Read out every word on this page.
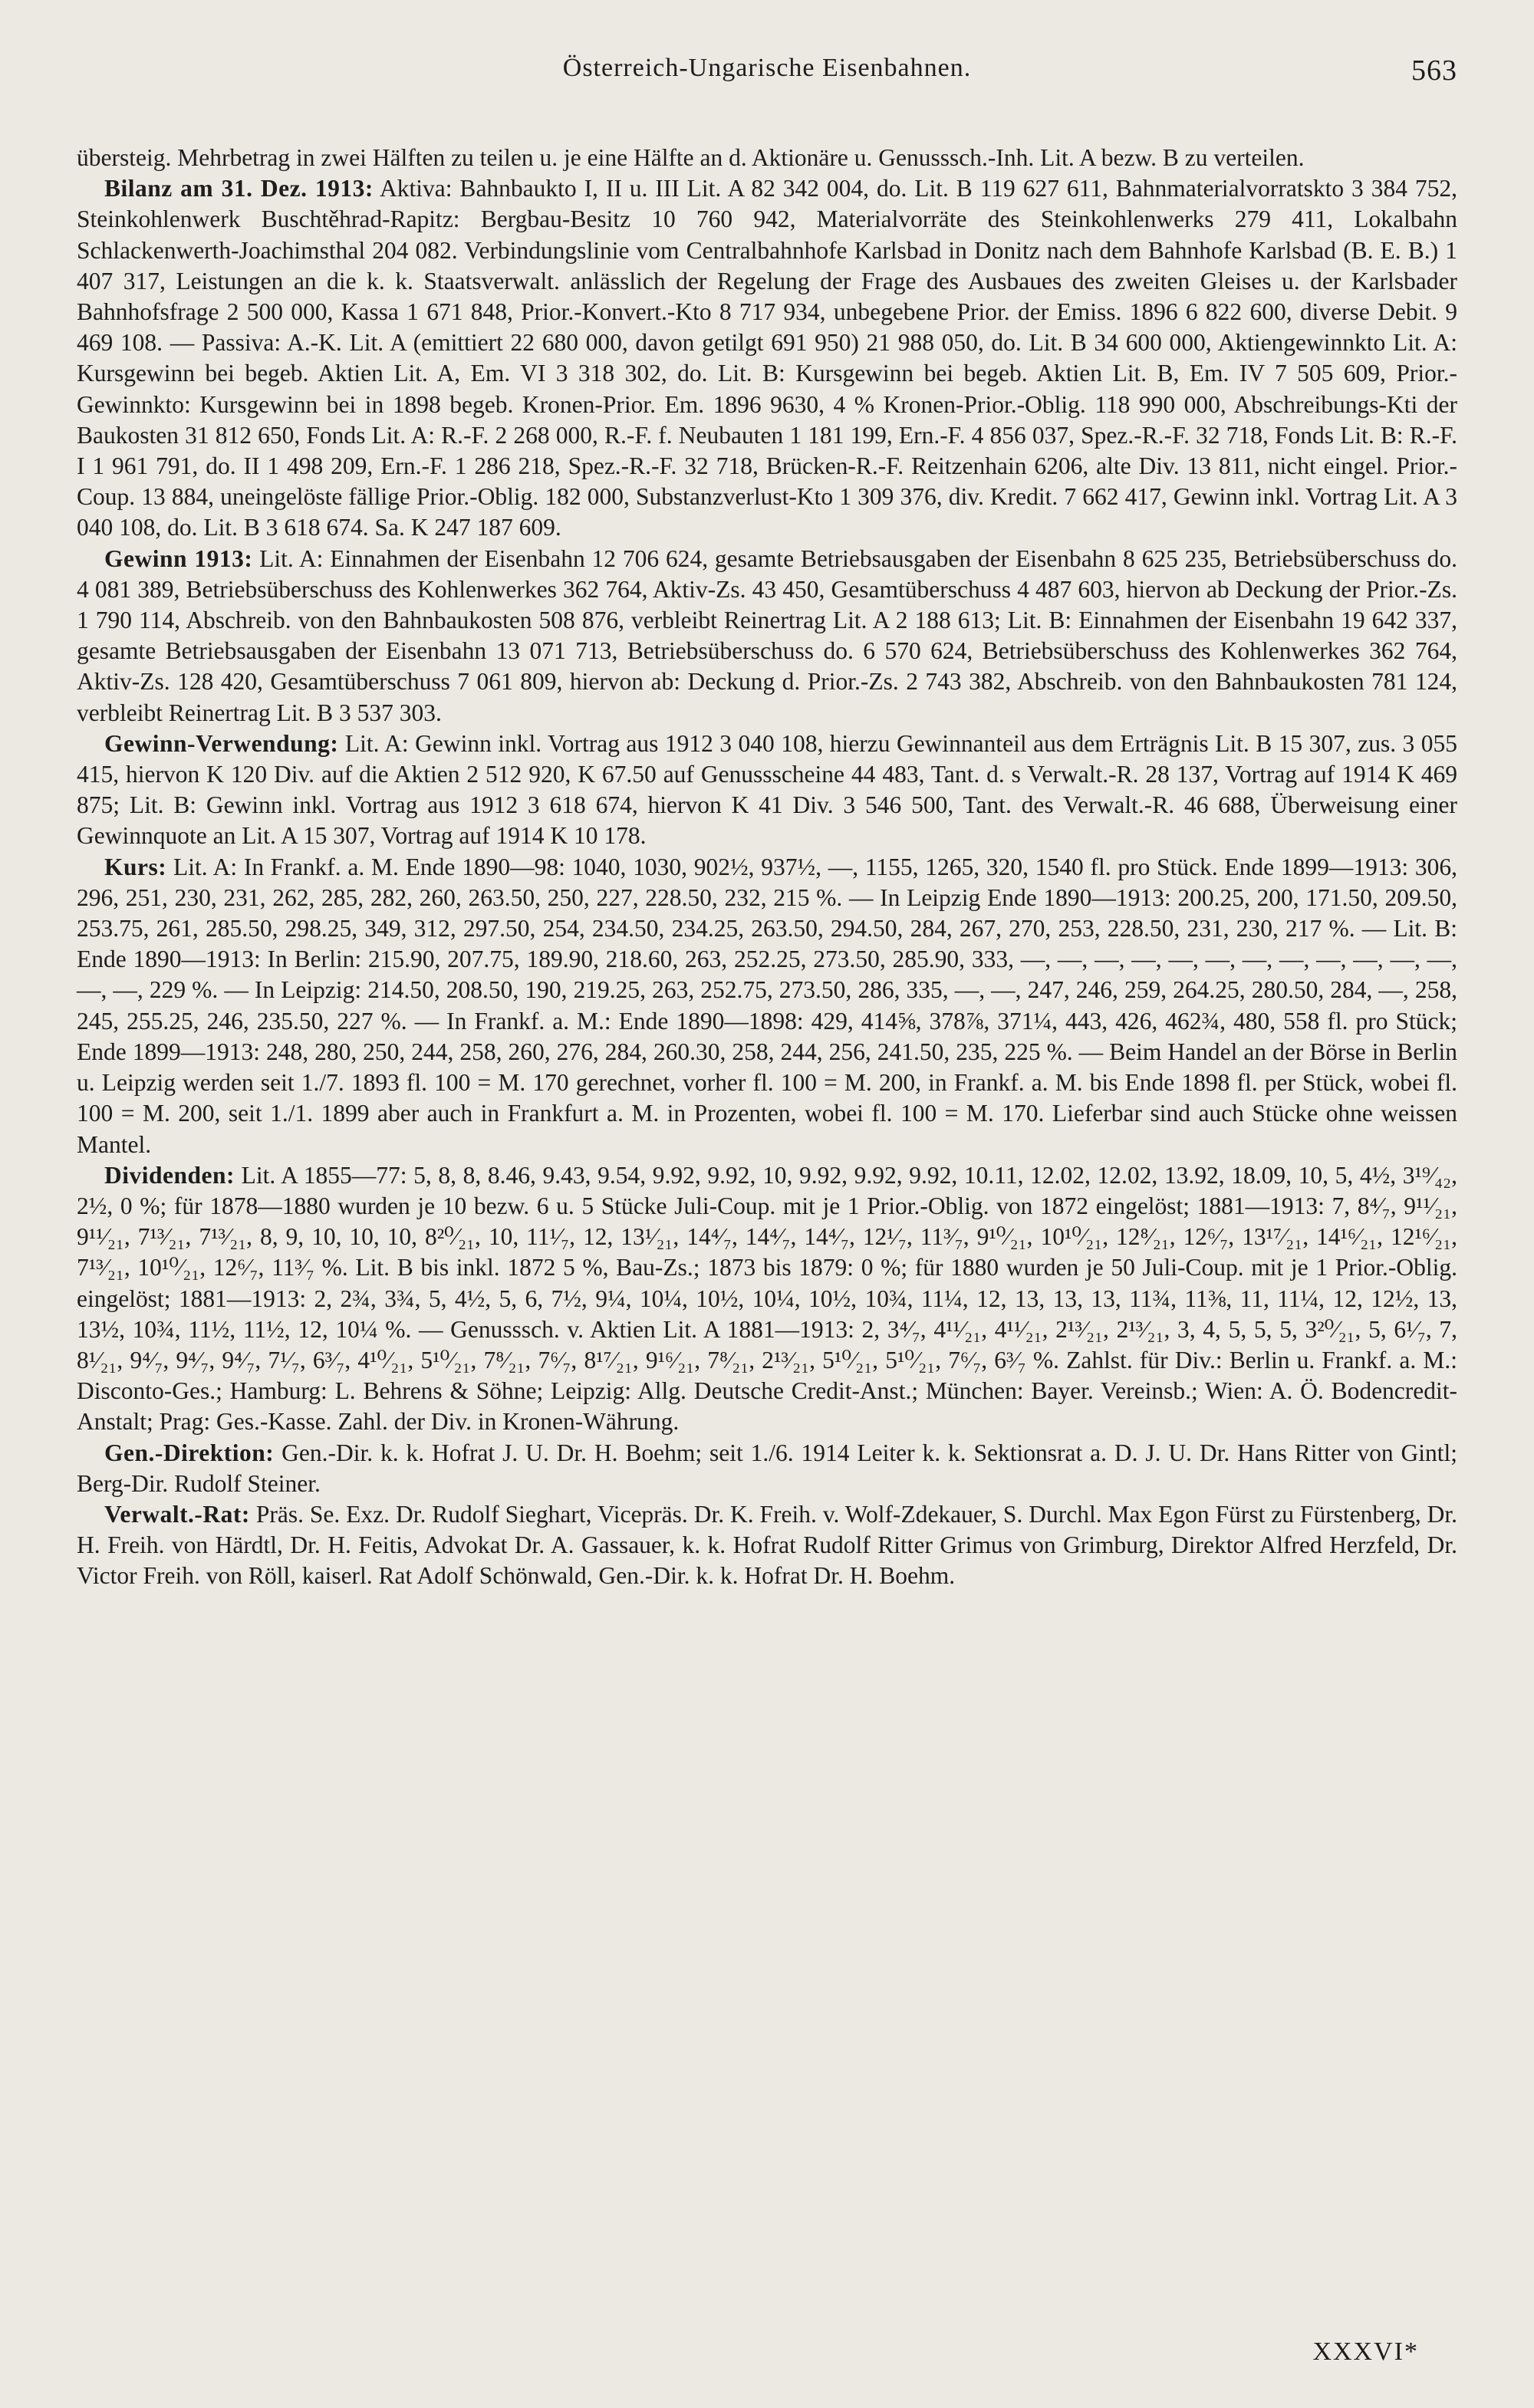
Österreich-Ungarische Eisenbahnen.	563

übersteig. Mehrbetrag in zwei Hälften zu teilen u. je eine Hälfte an d. Aktionäre u. Genusssch.-Inh. Lit. A bezw. B zu verteilen.

Bilanz am 31. Dez. 1913: Aktiva: Bahnbaukto I, II u. III Lit. A 82 342 004, do. Lit. B 119 627 611, Bahnmaterialvorratskto 3 384 752, Steinkohlenwerk Buschtěhrad-Rapitz: Bergbau-Besitz 10 760 942, Materialvorräte des Steinkohlenwerks 279 411, Lokalbahn Schlackenwerth-Joachimsthal 204 082. Verbindungslinie vom Centralbahnhofe Karlsbad in Donitz nach dem Bahnhofe Karlsbad (B. E. B.) 1 407 317, Leistungen an die k. k. Staatsverwalt. anlässlich der Regelung der Frage des Ausbaues des zweiten Gleises u. der Karlsbader Bahnhofsfrage 2 500 000, Kassa 1 671 848, Prior.-Konvert.-Kto 8 717 934, unbegebene Prior. der Emiss. 1896 6 822 600, diverse Debit. 9 469 108. — Passiva: A.-K. Lit. A (emittiert 22 680 000, davon getilgt 691 950) 21 988 050, do. Lit. B 34 600 000, Aktiengewinnkto Lit. A: Kursgewinn bei begeb. Aktien Lit. A, Em. VI 3 318 302, do. Lit. B: Kursgewinn bei begeb. Aktien Lit. B, Em. IV 7 505 609, Prior.-Gewinnkto: Kursgewinn bei in 1898 begeb. Kronen-Prior. Em. 1896 9630, 4 % Kronen-Prior.-Oblig. 118 990 000, Abschreibungs-Kti der Baukosten 31 812 650, Fonds Lit. A: R.-F. 2 268 000, R.-F. f. Neubauten 1 181 199, Ern.-F. 4 856 037, Spez.-R.-F. 32 718, Fonds Lit. B: R.-F. I 1 961 791, do. II 1 498 209, Ern.-F. 1 286 218, Spez.-R.-F. 32 718, Brücken-R.-F. Reitzenhain 6206, alte Div. 13 811, nicht eingel. Prior.-Coup. 13 884, uneingelöste fällige Prior.-Oblig. 182 000, Substanzverlust-Kto 1 309 376, div. Kredit. 7 662 417, Gewinn inkl. Vortrag Lit. A 3 040 108, do. Lit. B 3 618 674. Sa. K 247 187 609.

Gewinn 1913: Lit. A: Einnahmen der Eisenbahn 12 706 624, gesamte Betriebsausgaben der Eisenbahn 8 625 235, Betriebsüberschuss do. 4 081 389, Betriebsüberschuss des Kohlenwerkes 362 764, Aktiv-Zs. 43 450, Gesamtüberschuss 4 487 603, hiervon ab Deckung der Prior.-Zs. 1 790 114, Abschreib. von den Bahnbaukosten 508 876, verbleibt Reinertrag Lit. A 2 188 613; Lit. B: Einnahmen der Eisenbahn 19 642 337, gesamte Betriebsausgaben der Eisenbahn 13 071 713, Betriebsüberschuss do. 6 570 624, Betriebsüberschuss des Kohlenwerkes 362 764, Aktiv-Zs. 128 420, Gesamtüberschuss 7 061 809, hiervon ab: Deckung d. Prior.-Zs. 2 743 382, Abschreib. von den Bahnbaukosten 781 124, verbleibt Reinertrag Lit. B 3 537 303.

Gewinn-Verwendung: Lit. A: Gewinn inkl. Vortrag aus 1912 3 040 108, hierzu Gewinnanteil aus dem Erträgnis Lit. B 15 307, zus. 3 055 415, hiervon K 120 Div. auf die Aktien 2 512 920, K 67.50 auf Genussscheine 44 483, Tant. d. s Verwalt.-R. 28 137, Vortrag auf 1914 K 469 875; Lit. B: Gewinn inkl. Vortrag aus 1912 3 618 674, hiervon K 41 Div. 3 546 500, Tant. des Verwalt.-R. 46 688, Überweisung einer Gewinnquote an Lit. A 15 307, Vortrag auf 1914 K 10 178.

Kurs: Lit. A: In Frankf. a. M. Ende 1890—98: 1040, 1030, 902½, 937½, —, 1155, 1265, 320, 1540 fl. pro Stück. Ende 1899—1913: 306, 296, 251, 230, 231, 262, 285, 282, 260, 263.50, 250, 227, 228.50, 232, 215 %. — In Leipzig Ende 1890—1913: 200.25, 200, 171.50, 209.50, 253.75, 261, 285.50, 298.25, 349, 312, 297.50, 254, 234.50, 234.25, 263.50, 294.50, 284, 267, 270, 253, 228.50, 231, 230, 217 %. — Lit. B: Ende 1890—1913: In Berlin: 215.90, 207.75, 189.90, 218.60, 263, 252.25, 273.50, 285.90, 333, —, —, —, —, —, —, —, —, —, —, —, —, —, —, 229 %. — In Leipzig: 214.50, 208.50, 190, 219.25, 263, 252.75, 273.50, 286, 335, —, —, 247, 246, 259, 264.25, 280.50, 284, —, 258, 245, 255.25, 246, 235.50, 227 %. — In Frankf. a. M.: Ende 1890—1898: 429, 414⅝, 378⅞, 371¼, 443, 426, 462¾, 480, 558 fl. pro Stück; Ende 1899—1913: 248, 280, 250, 244, 258, 260, 276, 284, 260.30, 258, 244, 256, 241.50, 235, 225 %. — Beim Handel an der Börse in Berlin u. Leipzig werden seit 1./7. 1893 fl. 100 = M. 170 gerechnet, vorher fl. 100 = M. 200, in Frankf. a. M. bis Ende 1898 fl. per Stück, wobei fl. 100 = M. 200, seit 1./1. 1899 aber auch in Frankfurt a. M. in Prozenten, wobei fl. 100 = M. 170. Lieferbar sind auch Stücke ohne weissen Mantel.

Dividenden: Lit. A 1855—77: 5, 8, 8, 8.46, 9.43, 9.54, 9.92, 9.92, 10, 9.92, 9.92, 9.92, 10.11, 12.02, 12.02, 13.92, 18.09, 10, 5, 4½, 3¹⁹⁄₄₂, 2½, 0 %; für 1878—1880 wurden je 10 bezw. 6 u. 5 Stücke Juli-Coup. mit je 1 Prior.-Oblig. von 1872 eingelöst; 1881—1913: 7, 8⁴⁄₇, 9¹¹⁄₂₁, 9¹¹⁄₂₁, 7¹³⁄₂₁, 7¹³⁄₂₁, 8, 9, 10, 10, 10, 8²⁰⁄₂₁, 10, 11¹⁄₇, 12, 13¹⁄₂₁, 14⁴⁄₇, 14⁴⁄₇, 14⁴⁄₇, 12¹⁄₇, 11³⁄₇, 9¹⁰⁄₂₁, 10¹⁰⁄₂₁, 12⁸⁄₂₁, 12⁶⁄₇, 13¹⁷⁄₂₁, 14¹⁶⁄₂₁, 12¹⁶⁄₂₁, 7¹³⁄₂₁, 10¹⁰⁄₂₁, 12⁶⁄₇, 11³⁄₇ %. Lit. B bis inkl. 1872 5 %, Bau-Zs.; 1873 bis 1879: 0 %; für 1880 wurden je 50 Juli-Coup. mit je 1 Prior.-Oblig. eingelöst; 1881—1913: 2, 2¾, 3¾, 5, 4½, 5, 6, 7½, 9¼, 10¼, 10½, 10¼, 10½, 10¾, 11¼, 12, 13, 13, 13, 11¾, 11⅜, 11, 11¼, 12, 12½, 13, 13½, 10¾, 11½, 11½, 12, 10¼ %. — Genusssch. v. Aktien Lit. A 1881—1913: 2, 3⁴⁄₇, 4¹¹⁄₂₁, 4¹¹⁄₂₁, 2¹³⁄₂₁, 2¹³⁄₂₁, 3, 4, 5, 5, 5, 3²⁰⁄₂₁, 5, 6¹⁄₇, 7, 8¹⁄₂₁, 9⁴⁄₇, 9⁴⁄₇, 9⁴⁄₇, 7¹⁄₇, 6³⁄₇, 4¹⁰⁄₂₁, 5¹⁰⁄₂₁, 7⁸⁄₂₁, 7⁶⁄₇, 8¹⁷⁄₂₁, 9¹⁶⁄₂₁, 7⁸⁄₂₁, 2¹³⁄₂₁, 5¹⁰⁄₂₁, 5¹⁰⁄₂₁, 7⁶⁄₇, 6³⁄₇ %. Zahlst. für Div.: Berlin u. Frankf. a. M.: Disconto-Ges.; Hamburg: L. Behrens & Söhne; Leipzig: Allg. Deutsche Credit-Anst.; München: Bayer. Vereinsb.; Wien: A. Ö. Bodencredit-Anstalt; Prag: Ges.-Kasse. Zahl. der Div. in Kronen-Währung.

Gen.-Direktion: Gen.-Dir. k. k. Hofrat J. U. Dr. H. Boehm; seit 1./6. 1914 Leiter k. k. Sektionsrat a. D. J. U. Dr. Hans Ritter von Gintl; Berg-Dir. Rudolf Steiner.

Verwalt.-Rat: Präs. Se. Exz. Dr. Rudolf Sieghart, Vicepräs. Dr. K. Freih. v. Wolf-Zdekauer, S. Durchl. Max Egon Fürst zu Fürstenberg, Dr. H. Freih. von Härdtl, Dr. H. Feitis, Advokat Dr. A. Gassauer, k. k. Hofrat Rudolf Ritter Grimus von Grimburg, Direktor Alfred Herzfeld, Dr. Victor Freih. von Röll, kaiserl. Rat Adolf Schönwald, Gen.-Dir. k. k. Hofrat Dr. H. Boehm.

XXXVI*
